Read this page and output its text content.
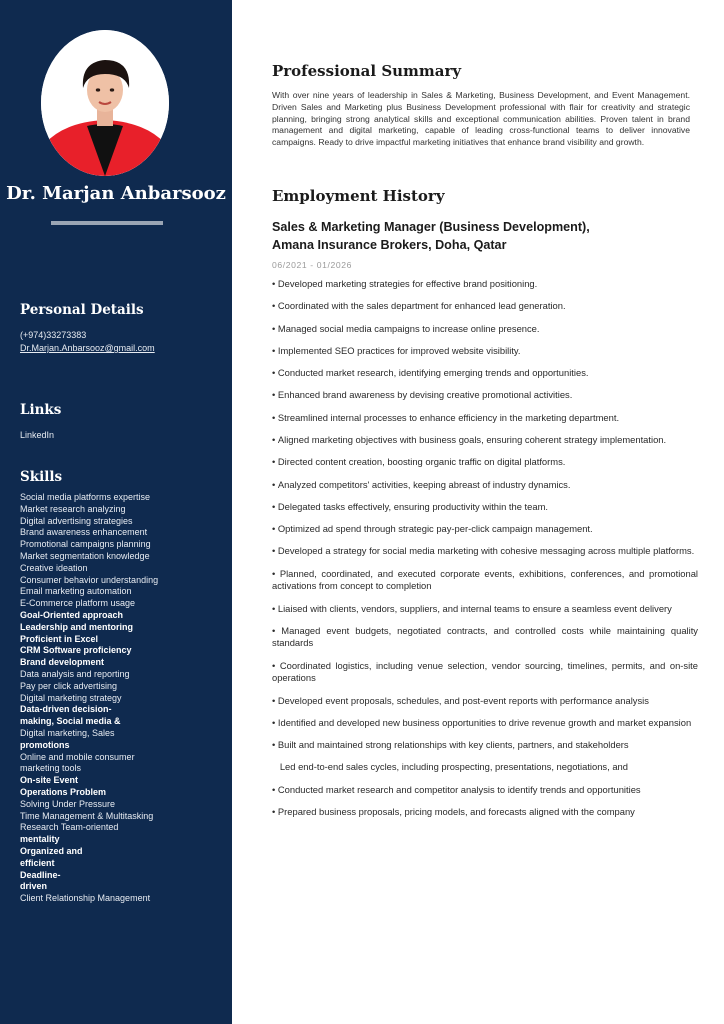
Dr. Marjan Anbarsooz
Personal Details
(+974)33273383
Dr.Marjan.Anbarsooz@gmail.com
Links
LinkedIn
Skills
Social media platforms expertise
Market research analyzing
Digital advertising strategies
Brand awareness enhancement
Promotional campaigns planning
Market segmentation knowledge
Creative ideation
Consumer behavior understanding
Email marketing automation
E-Commerce platform usage
Goal-Oriented approach
Leadership and mentoring
Proficient in Excel
CRM Software proficiency
Brand development
Data analysis and reporting
Pay per click advertising
Digital marketing strategy
Data-driven decision-
making, Social media &
Digital marketing, Sales
promotions
Online and mobile consumer
marketing tools
On-site Event
Operations Problem
Solving Under Pressure
Time Management & Multitasking
Research Team-oriented
mentality
Organized and
efficient
Deadline-
driven
Client Relationship Management
Professional Summary

With over nine years of leadership in Sales & Marketing, Business Development, and Event Management. Driven Sales and Marketing plus Business Development professional with flair for creativity and strategic planning, bringing strong analytical skills and exceptional communication abilities. Proven talent in brand management and digital marketing, capable of leading cross-functional teams to deliver innovative campaigns. Ready to drive impactful marketing initiatives that enhance brand visibility and growth.

Employment History
Sales & Marketing Manager (Business Development),
Amana Insurance Brokers, Doha, Qatar
06/2021 - 01/2026
• Developed marketing strategies for effective brand positioning.
• Coordinated with the sales department for enhanced lead generation.
• Managed social media campaigns to increase online presence.
• Implemented SEO practices for improved website visibility.
• Conducted market research, identifying emerging trends and opportunities.
• Enhanced brand awareness by devising creative promotional activities.
• Streamlined internal processes to enhance efficiency in the marketing department.
• Aligned marketing objectives with business goals, ensuring coherent strategy implementation.
• Directed content creation, boosting organic traffic on digital platforms.
• Analyzed competitors' activities, keeping abreast of industry dynamics.
• Delegated tasks effectively, ensuring productivity within the team.
• Optimized ad spend through strategic pay-per-click campaign management.
• Developed a strategy for social media marketing with cohesive messaging across multiple platforms.
• Planned, coordinated, and executed corporate events, exhibitions, conferences, and promotional activations from concept to completion
• Liaised with clients, vendors, suppliers, and internal teams to ensure a seamless event delivery
• Managed event budgets, negotiated contracts, and controlled costs while maintaining quality standards
• Coordinated logistics, including venue selection, vendor sourcing, timelines, permits, and on-site operations
• Developed event proposals, schedules, and post-event reports with performance analysis
• Identified and developed new business opportunities to drive revenue growth and market expansion
• Built and maintained strong relationships with key clients, partners, and stakeholders
Led end-to-end sales cycles, including prospecting, presentations, negotiations, and
• Conducted market research and competitor analysis to identify trends and opportunities
• Prepared business proposals, pricing models, and forecasts aligned with the company
